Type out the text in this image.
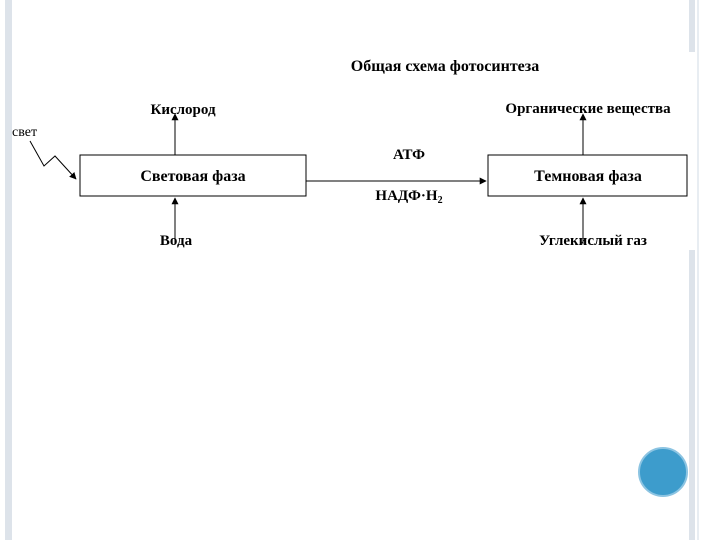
Общая схема фотосинтеза
Световая фаза	Темновая фаза
Кислород
Вода
Органические вещества
Углекислый газ
АТФ
$НАДФ\cdot Н_2$
свет
